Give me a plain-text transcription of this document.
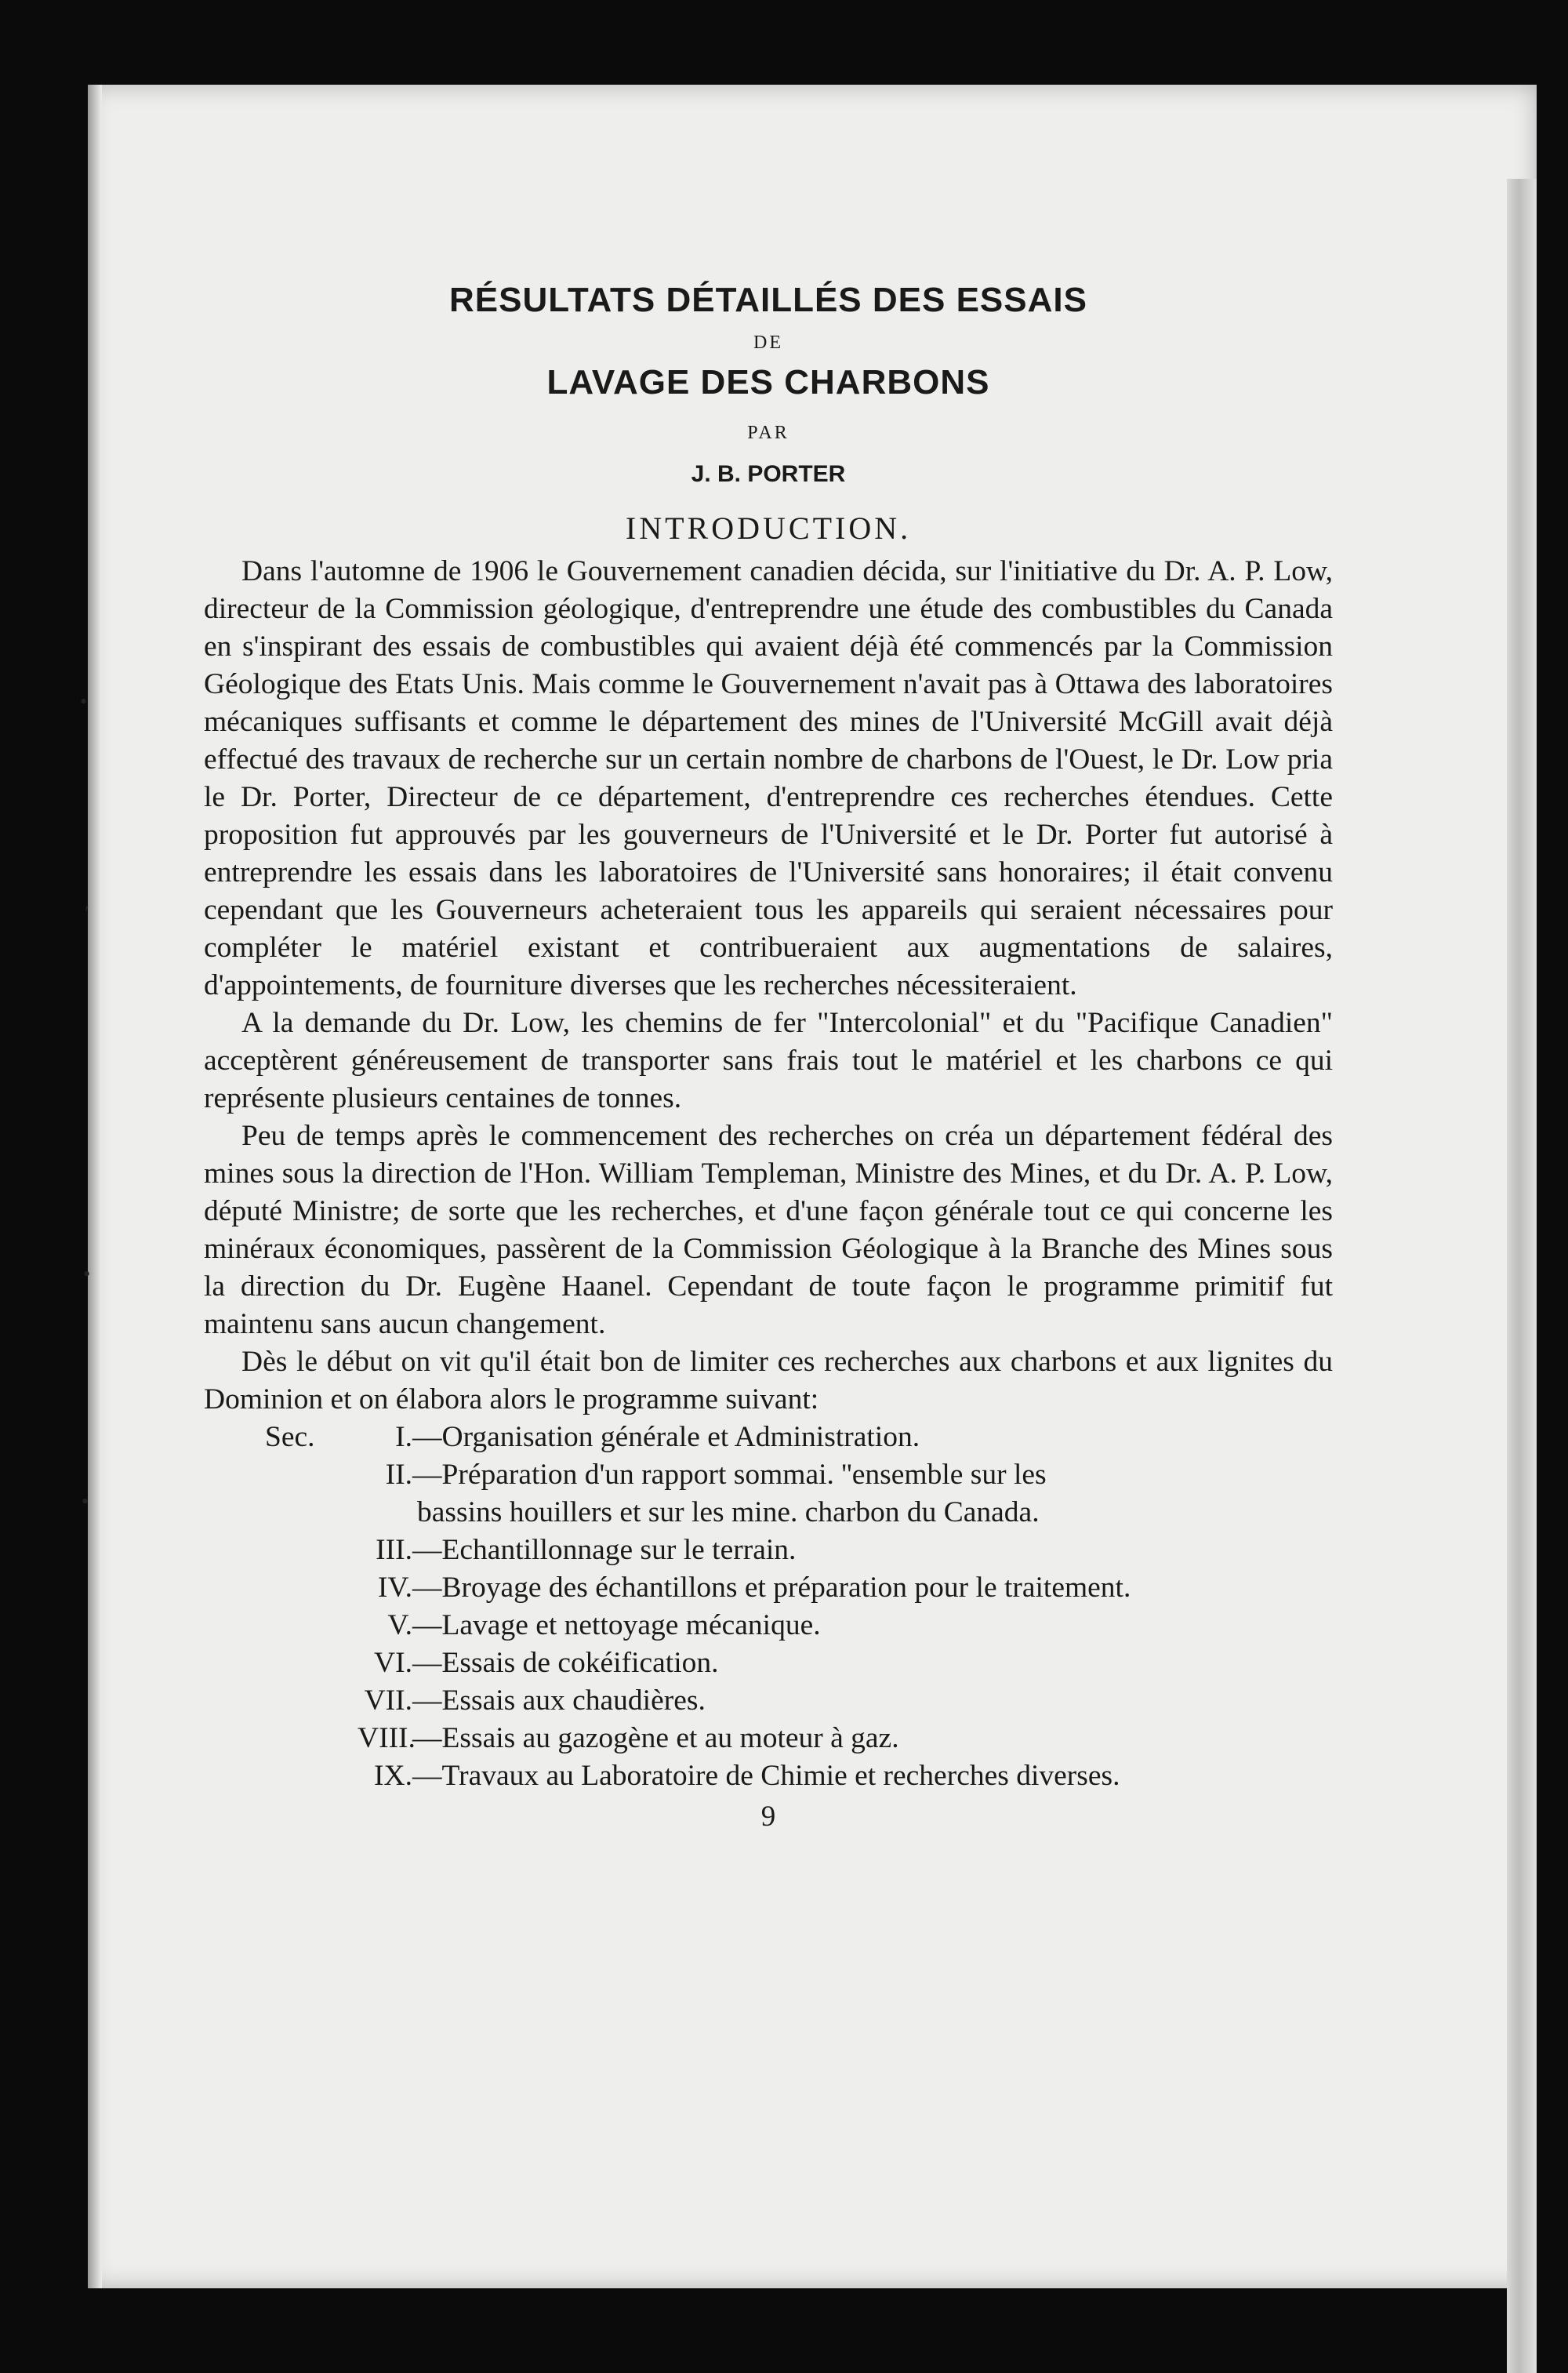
•
ʹ
•
•

RÉSULTATS DÉTAILLÉS DES ESSAIS

DE

LAVAGE DES CHARBONS

PAR

J. B. PORTER

INTRODUCTION.

Dans l'automne de 1906 le Gouvernement canadien décida, sur l'initiative du Dr. A. P. Low, directeur de la Commission géologique, d'entreprendre une étude des combustibles du Canada en s'inspirant des essais de combustibles qui avaient déjà été commencés par la Commission Géologique des Etats Unis. Mais comme le Gouvernement n'avait pas à Ottawa des laboratoires mécaniques suffisants et comme le département des mines de l'Université McGill avait déjà effectué des travaux de recherche sur un certain nombre de charbons de l'Ouest, le Dr. Low pria le Dr. Porter, Directeur de ce département, d'entreprendre ces recherches étendues. Cette proposition fut approuvés par les gouverneurs de l'Université et le Dr. Porter fut autorisé à entreprendre les essais dans les laboratoires de l'Université sans honoraires; il était convenu cependant que les Gouverneurs acheteraient tous les appareils qui seraient nécessaires pour compléter le matériel existant et contribueraient aux augmentations de salaires, d'appointements, de fourniture diverses que les recherches nécessiteraient.

A la demande du Dr. Low, les chemins de fer "Intercolonial" et du "Pacifique Canadien" acceptèrent généreusement de transporter sans frais tout le matériel et les charbons ce qui représente plusieurs centaines de tonnes.

Peu de temps après le commencement des recherches on créa un département fédéral des mines sous la direction de l'Hon. William Templeman, Ministre des Mines, et du Dr. A. P. Low, député Ministre; de sorte que les recherches, et d'une façon générale tout ce qui concerne les minéraux économiques, passèrent de la Commission Géologique à la Branche des Mines sous la direction du Dr. Eugène Haanel. Cependant de toute façon le programme primitif fut maintenu sans aucun changement.

Dès le début on vit qu'il était bon de limiter ces recherches aux charbons et aux lignites du Dominion et on élabora alors le programme suivant:

Sec.	I. —Organisation générale et Administration.
II. —Préparation d'un rapport sommai. ''ensemble sur les
bassins houillers et sur les mine. charbon du Canada.
III. —Echantillonnage sur le terrain.
IV. —Broyage des échantillons et préparation pour le traitement.
V. —Lavage et nettoyage mécanique.
VI. —Essais de cokéification.
VII. —Essais aux chaudières.
VIII.
—Essais au gazogène et au moteur à gaz.
IX. —Travaux au Laboratoire de Chimie et recherches diverses.

9
